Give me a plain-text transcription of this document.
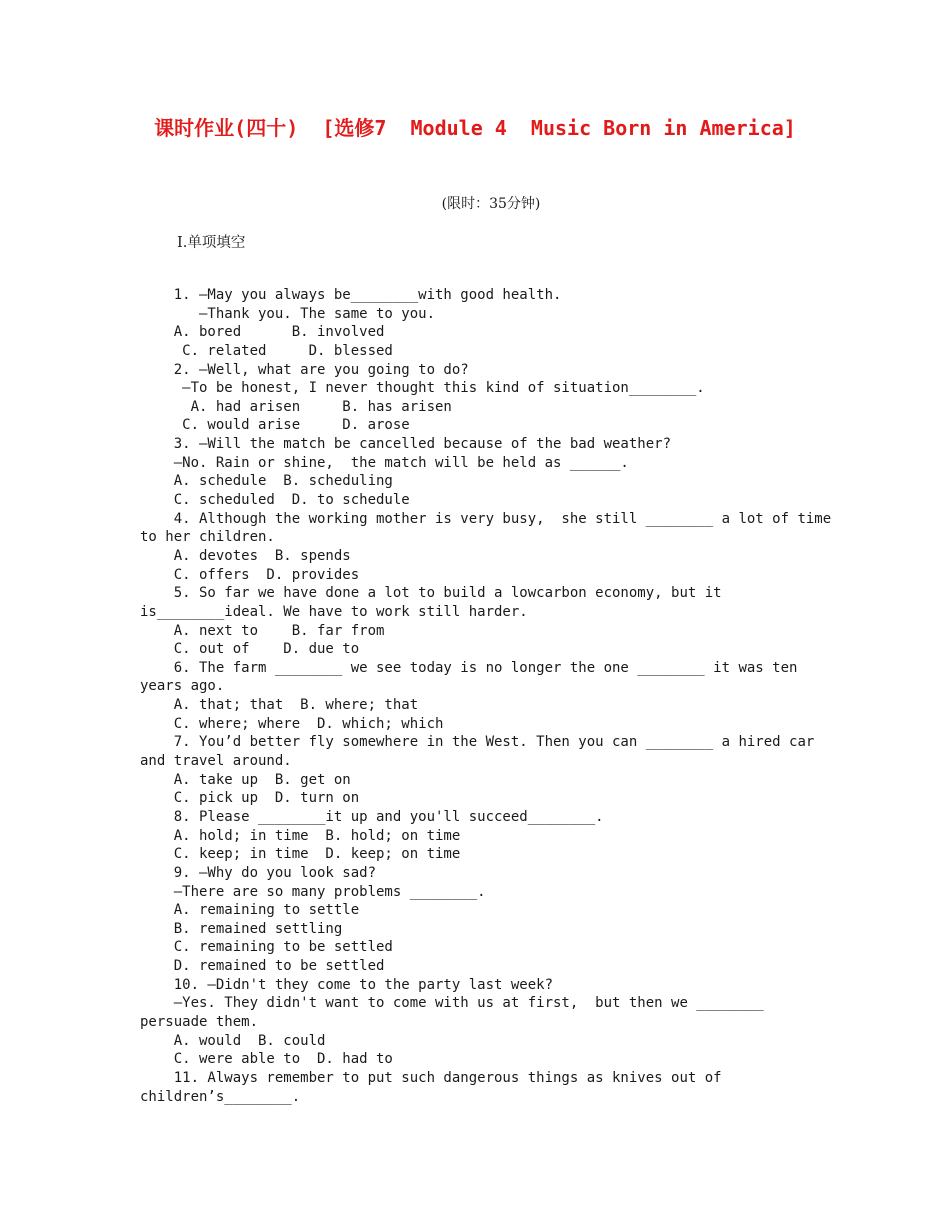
课时作业(四十)  [选修7  Module 4  Music Born in America]
(限时：35分钟)
Ⅰ.单项填空
1. —May you always be________with good health.
—Thank you. The same to you.
A. bored      B. involved
C. related     D. blessed
2. —Well, what are you going to do?
—To be honest, I never thought this kind of situation________.
A. had arisen     B. has arisen
C. would arise     D. arose
3. —Will the match be cancelled because of the bad weather?
—No. Rain or shine,  the match will be held as ______.
A. schedule  B. scheduling
C. scheduled  D. to schedule
4. Although the working mother is very busy,  she still ________ a lot of time
to her children.
A. devotes  B. spends
C. offers  D. provides
5. So far we have done a lot to build a lowcarbon economy, but it
is________ideal. We have to work still harder.
A. next to    B. far from
C. out of    D. due to
6. The farm ________ we see today is no longer the one ________ it was ten
years ago.
A. that; that  B. where; that
C. where; where  D. which; which
7. You’d better fly somewhere in the West. Then you can ________ a hired car
and travel around.
A. take up  B. get on
C. pick up  D. turn on
8. Please ________it up and you'll succeed________.
A. hold; in time  B. hold; on time
C. keep; in time  D. keep; on time
9. —Why do you look sad?
—There are so many problems ________.
A. remaining to settle
B. remained settling
C. remaining to be settled
D. remained to be settled
10. —Didn't they come to the party last week?
—Yes. They didn't want to come with us at first,  but then we ________
persuade them.
A. would  B. could
C. were able to  D. had to
11. Always remember to put such dangerous things as knives out of
children’s________.
